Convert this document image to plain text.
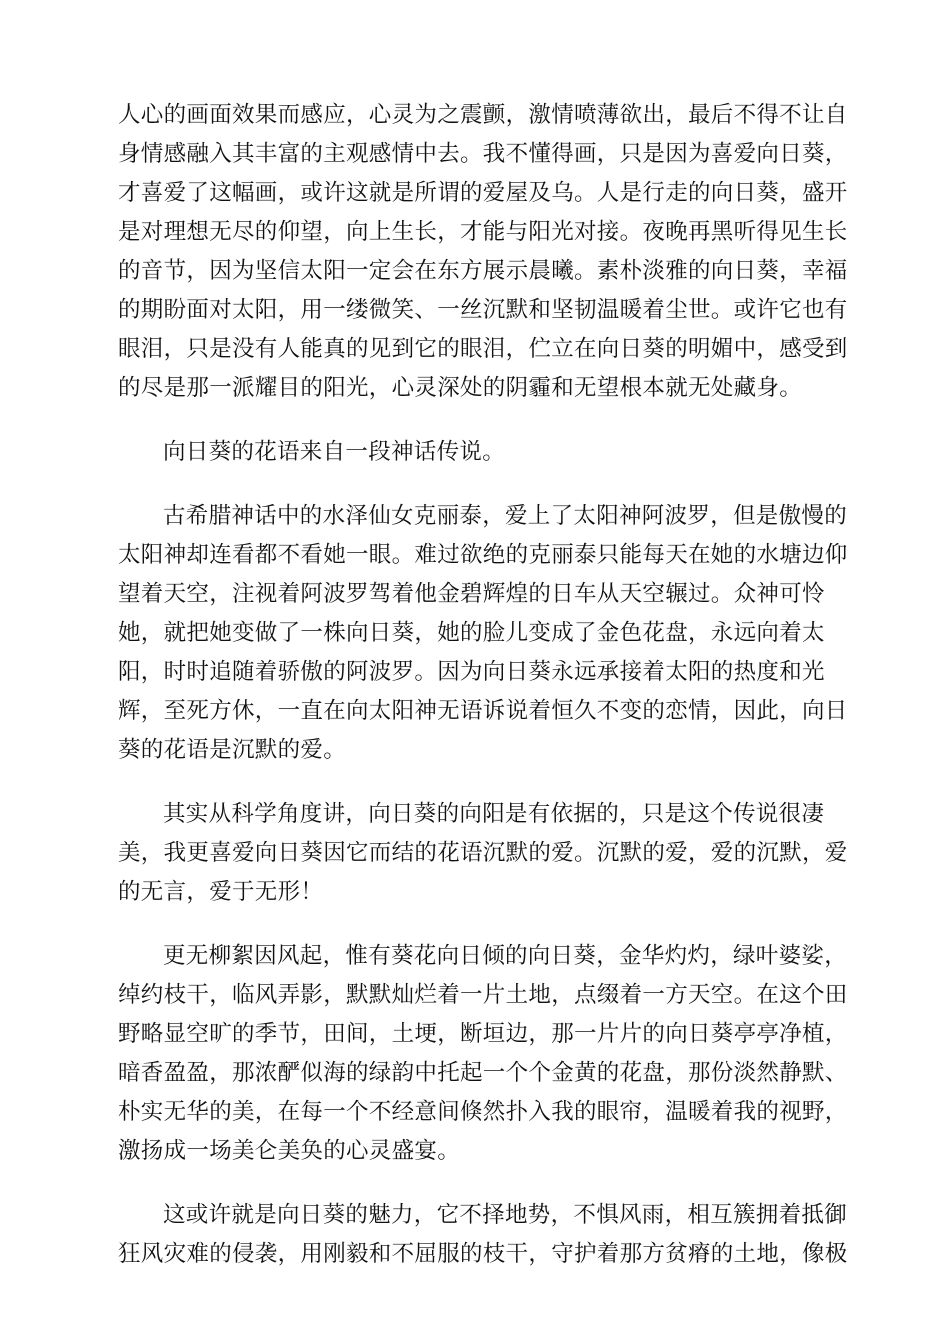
人心的画面效果而感应，心灵为之震颤，激情喷薄欲出，最后不得不让自
身情感融入其丰富的主观感情中去。我不懂得画，只是因为喜爱向日葵，
才喜爱了这幅画，或许这就是所谓的爱屋及乌。人是行走的向日葵，盛开
是对理想无尽的仰望，向上生长，才能与阳光对接。夜晚再黑听得见生长
的音节，因为坚信太阳一定会在东方展示晨曦。素朴淡雅的向日葵，幸福
的期盼面对太阳，用一缕微笑、一丝沉默和坚韧温暖着尘世。或许它也有
眼泪，只是没有人能真的见到它的眼泪，伫立在向日葵的明媚中，感受到
的尽是那一派耀目的阳光，心灵深处的阴霾和无望根本就无处藏身。

向日葵的花语来自一段神话传说。

古希腊神话中的水泽仙女克丽泰，爱上了太阳神阿波罗，但是傲慢的
太阳神却连看都不看她一眼。难过欲绝的克丽泰只能每天在她的水塘边仰
望着天空，注视着阿波罗驾着他金碧辉煌的日车从天空辗过。众神可怜
她，就把她变做了一株向日葵，她的脸儿变成了金色花盘，永远向着太
阳，时时追随着骄傲的阿波罗。因为向日葵永远承接着太阳的热度和光
辉，至死方休，一直在向太阳神无语诉说着恒久不变的恋情，因此，向日
葵的花语是沉默的爱。

其实从科学角度讲，向日葵的向阳是有依据的，只是这个传说很凄
美，我更喜爱向日葵因它而结的花语沉默的爱。沉默的爱，爱的沉默，爱
的无言，爱于无形！

更无柳絮因风起，惟有葵花向日倾的向日葵，金华灼灼，绿叶婆娑，
绰约枝干，临风弄影，默默灿烂着一片土地，点缀着一方天空。在这个田
野略显空旷的季节，田间，土埂，断垣边，那一片片的向日葵亭亭净植，
暗香盈盈，那浓酽似海的绿韵中托起一个个金黄的花盘，那份淡然静默、
朴实无华的美，在每一个不经意间倏然扑入我的眼帘，温暖着我的视野，
激扬成一场美仑美奂的心灵盛宴。

这或许就是向日葵的魅力，它不择地势，不惧风雨，相互簇拥着抵御
狂风灾难的侵袭，用刚毅和不屈服的枝干，守护着那方贫瘠的土地，像极
